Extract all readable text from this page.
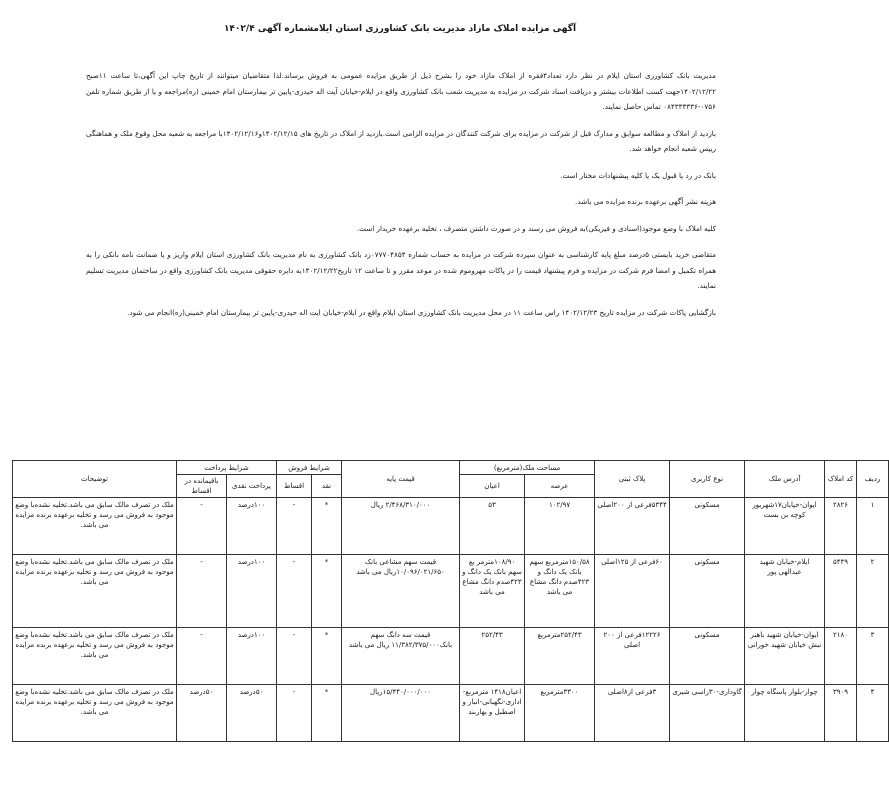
آگهی مزایده املاک مازاد مدیریت بانک کشاورزی استان ایلامشماره آگهی ۱۴۰۲/۴

مدیریت بانک کشاورزی استان ایلام در نظر دارد تعداد۴فقره از املاک مازاد خود را بشرح ذیل از طریق مزایده عمومی به فروش برساند.لذا متقاضیان میتوانند از تاریخ چاپ این آگهی،تا ساعت ۱۱صبح ۱۴۰۲/۱۲/۲۲جهت کسب اطلاعات بیشتر و دریافت اسناد شرکت در مزایده به مدیریت شعب بانک کشاورزی واقع در ایلام-خیابان آیت اله حیدری-پایین تر بیمارستان امام خمینی (ره)مراجعه و یا از طریق شماره تلفن ۰۷۵۶-۰۸۴۳۳۳۳۳۶ تماس حاصل نمایند.

بازدید از املاک و مطالعه سوابق و مدارک قبل از شرکت در مزایده برای شرکت کنندگان در مزایده الزامی است.بازدید از املاک در تاریخ های ۱۴۰۲/۱۲/۱۵و۱۴۰۲/۱۲/۱۶با مراجعه به شعبه محل وقوع ملک و هماهنگی رییس شعبه انجام خواهد شد.

بانک در رد یا قبول یک یا کلیه پیشنهادات مختار است.

هزینه نشر آگهی برعهده برنده مزایده می باشد.

کلیه املاک با وضع موجود(اسنادی و فیزیکی)به فروش می رسند و در صورت داشتن متصرف ، تخلیه برعهده خریدار است.

متقاضی خرید بایستی ۵درصد مبلغ پایه کارشناسی به عنوان سپرده شرکت در مزایده به حساب شماره ۰۷۷۷۰۴۸۵۴زد بانک کشاورزی به نام مدیریت بانک کشاورزی استان ایلام واریز و یا ضمانت نامه بانکی را به همراه تکمیل و امضا فرم شرکت در مزایده و فرم پیشنهاد قیمت را در پاکات مهروموم شده در موعد مقرر و تا ساعت ۱۲ تاریخ۱۴۰۲/۱۲/۲۲به دایره حقوقی مدیریت بانک کشاورزی واقع در ساختمان مدیریت تسلیم نمایند.

بازگشایی پاکات شرکت در مزایده تاریخ ۱۴۰۲/۱۲/۲۳ راس ساعت ۱۱ در محل مدیریت بانک کشاورزی استان ایلام واقع در ایلام-خیابان ایت اله حیدری-پایین تر بیمارستان امام خمینی(ره)انجام می شود.

ردیف	کد املاک	آدرس ملک	نوع کاربری	پلاک ثبتی	مساحت ملک(مترمربع)		قیمت پایه	شرایط فروش		شرایط پرداخت		توضیحات
					عرصه	اعیان		نقد	اقساط	پرداخت نقدی	باقیمانده در اقساط	
۱	۲۸۲۶	ایوان-خیابان۱۷شهریور کوچه بن بست	مسکونی	۵۳۴۴فرعی از ۲۰۰اصلی	۱۰۲/۹۷	۵۳	۲/۴۶۸/۳۱۰/۰۰۰ ریال	*	-	۱۰۰درصد	-	ملک در تصرف مالک سابق می باشد.تخلیه نشده‌با وضع موجود به فروش می رسد و تخلیه برعهده برنده مزایده می باشد.
۲	۵۴۴۹	ایلام-خیابان شهید عبدالهی پور	مسکونی	۶۰فرعی از ۱۲۵اصلی	۱۵۰/۵۸مترمربع سهم بانک یک دانگ و ۴۲۳صدم دانگ مشاع می باشد	۱۰۸/۹۰مترمر بع سهم بانک یک دانگ و ۴۲۳صدم دانگ مشاع می باشد	قیمت سهم مشاعی بانک ۱۰/۰۹۶/۰۲۱/۶۵۰ریال می باشد	*	-	۱۰۰درصد	-	ملک در تصرف مالک سابق می باشد.تخلیه نشده‌با وضع موجود به فروش می رسد و تخلیه برعهده برنده مزایده می باشد.
۳	۲۱۸۰	ایوان-خیابان شهید باهنر نبش خیابان شهید خورانی	مسکونی	۱۲۲۲۶فرعی از ۲۰۰ اصلی	۲۵۲/۴۳مترمربع	۲۵۲/۴۳	قیمت سه دانگ سهم بانک۱۱/۳۸۲/۳۷۵/۰۰۰ ریال می باشد	*	-	۱۰۰درصد	-	ملک در تصرف مالک سابق می باشد.تخلیه نشده‌با وضع موجود به فروش می رسد و تخلیه برعهده برنده مزایده می باشد.
۴	۳۹۰۹	چوار-بلوار پاسگاه چوار	گاوداری-۳۰راسی شیری	۳فرعی از۸اصلی	۳۳۰۰مترمربع	اعیان۱۴۱۸ مترمربع-اداری-نگهبانی-انبار و اصطبل و بهاربند	۱۵/۴۴۰/۰۰۰/۰۰۰ریال	*	-	۵۰درصد	۵۰درصد	ملک در تصرف مالک سابق می باشد.تخلیه نشده‌با وضع موجود به فروش می رسد و تخلیه برعهده برنده مزایده می باشد.
